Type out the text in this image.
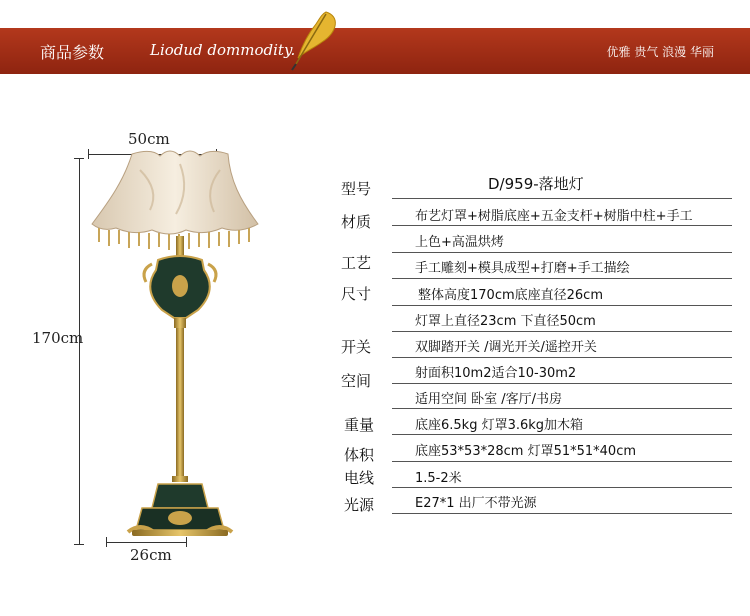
商品参数	Liodud dommodity.	优雅 贵气 浪漫 华丽
50cm
170cm
26cm
型号	D/959-落地灯
材质	布艺灯罩+树脂底座+五金支杆+树脂中柱+手工
上色+高温烘烤
工艺	手工雕刻+模具成型+打磨+手工描绘
尺寸	整体高度170cm底座直径26cm
灯罩上直径23cm 下直径50cm
开关	双脚踏开关 /调光开关/遥控开关
空间	射面积10m2适合10-30m2
适用空间 卧室 /客厅/书房
重量	底座6.5kg 灯罩3.6kg加木箱
体积	底座53*53*28cm 灯罩51*51*40cm
电线	1.5-2米
光源	E27*1 出厂不带光源
